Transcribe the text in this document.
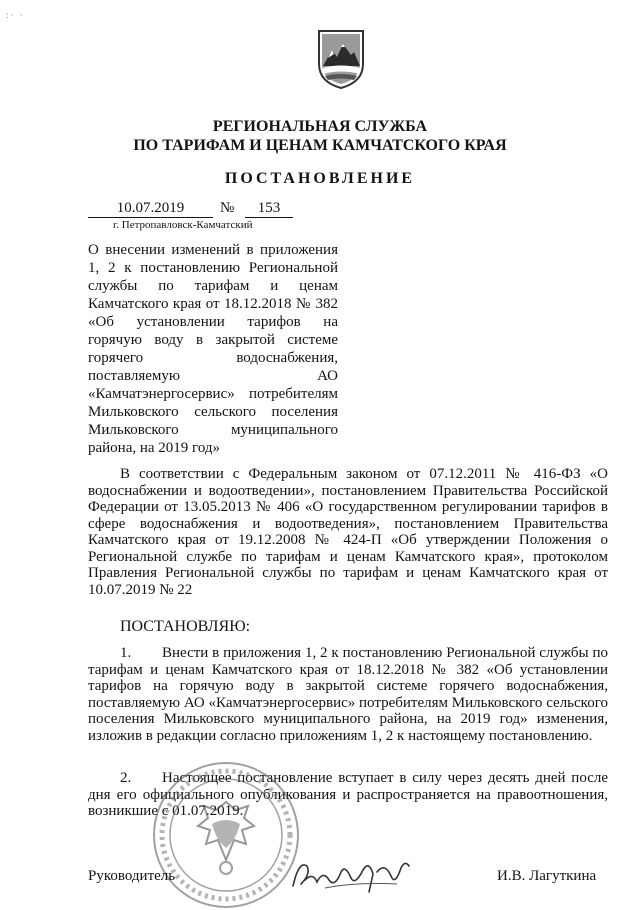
:· ·
РЕГИОНАЛЬНАЯ СЛУЖБА
ПО ТАРИФАМ И ЦЕНАМ КАМЧАТСКОГО КРАЯ
ПОСТАНОВЛЕНИЕ
10.07.2019	№	153
г. Петропавловск-Камчатский
О внесении изменений в приложения 1, 2 к постановлению Региональной службы по тарифам и ценам Камчатского края от 18.12.2018 № 382 «Об установлении тарифов на горячую воду в закрытой системе горячего водоснабжения, поставляемую АО «Камчатэнергосервис» потребителям Мильковского сельского поселения Мильковского муниципального района, на 2019 год»
В соответствии с Федеральным законом от 07.12.2011 № 416-ФЗ «О водоснабжении и водоотведении», постановлением Правительства Российской Федерации от 13.05.2013 № 406 «О государственном регулировании тарифов в сфере водоснабжения и водоотведения», постановлением Правительства Камчатского края от 19.12.2008 № 424-П «Об утверждении Положения о Региональной службе по тарифам и ценам Камчатского края», протоколом Правления Региональной службы по тарифам и ценам Камчатского края от 10.07.2019 № 22
ПОСТАНОВЛЯЮ:
1. Внести в приложения 1, 2 к постановлению Региональной службы по тарифам и ценам Камчатского края от 18.12.2018 № 382 «Об установлении тарифов на горячую воду в закрытой системе горячего водоснабжения, поставляемую АО «Камчатэнергосервис» потребителям Мильковского сельского поселения Мильковского муниципального района, на 2019 год» изменения, изложив в редакции согласно приложениям 1, 2 к настоящему постановлению.
2. Настоящее постановление вступает в силу через десять дней после дня его официального опубликования и распространяется на правоотношения, возникшие с 01.07.2019.
Руководитель	И.В. Лагуткина
